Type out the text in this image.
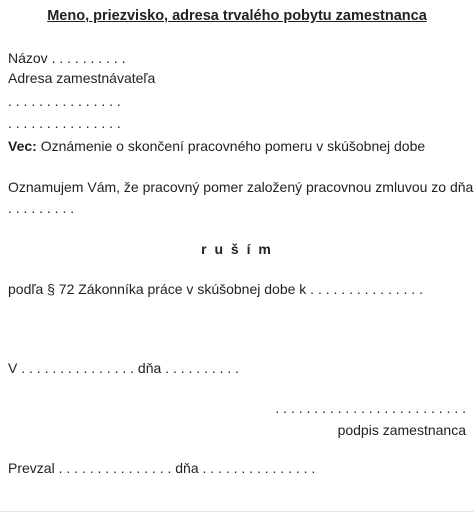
Meno, priezvisko, adresa trvalého pobytu zamestnanca
Názov . . . . . . . . . .
Adresa zamestnávateľa
. . . . . . . . . . . . . . .
. . . . . . . . . . . . . . .
Vec: Oznámenie o skončení pracovného pomeru v skúšobnej dobe
Oznamujem Vám, že pracovný pomer založený pracovnou zmluvou zo dňa
. . . . . . . . .
r u š í m
podľa § 72 Zákonníka práce v skúšobnej dobe k . . . . . . . . . . . . . . .
V . . . . . . . . . . . . . . . dňa . . . . . . . . . .
. . . . . . . . . . . . . . . . . . . . . . . . .
podpis zamestnanca
Prevzal . . . . . . . . . . . . . . . dňa . . . . . . . . . . . . . . .
